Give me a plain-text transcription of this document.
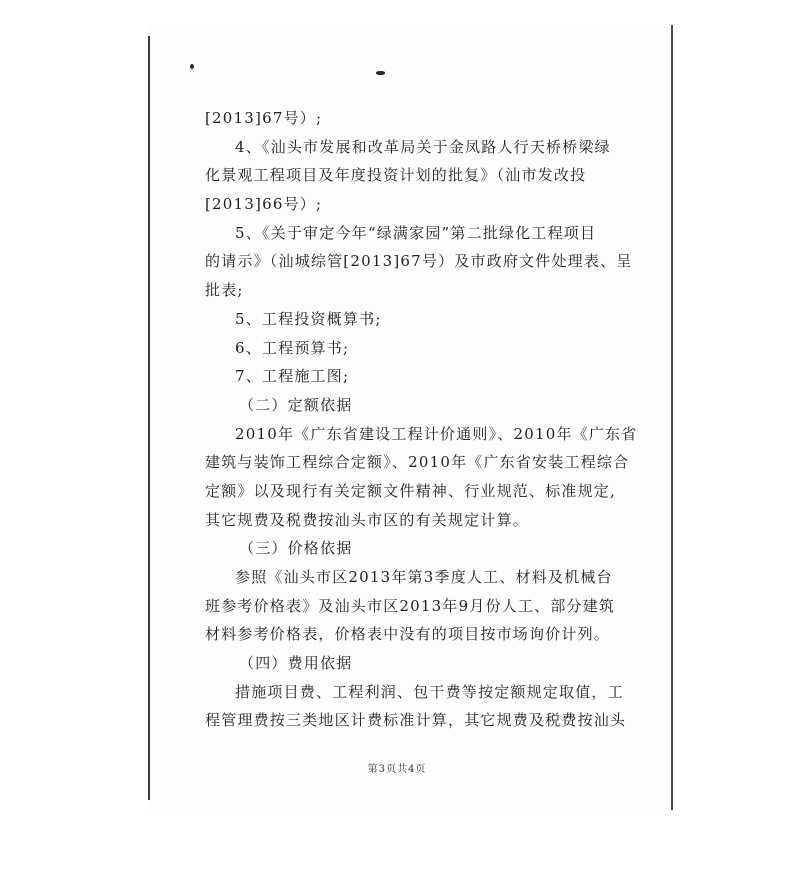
[2013]67号）;
4、《汕头市发展和改革局关于金凤路人行天桥桥梁绿
化景观工程项目及年度投资计划的批复》（汕市发改投
[2013]66号）;
5、《关于审定今年“绿满家园”第二批绿化工程项目
的请示》（汕城综管[2013]67号）及市政府文件处理表、呈
批表;
5、工程投资概算书;
6、工程预算书;
7、工程施工图;
（二）定额依据
2010年《广东省建设工程计价通则》、2010年《广东省
建筑与装饰工程综合定额》、2010年《广东省安装工程综合
定额》以及现行有关定额文件精神、行业规范、标准规定,
其它规费及税费按汕头市区的有关规定计算。
（三）价格依据
参照《汕头市区2013年第3季度人工、材料及机械台
班参考价格表》及汕头市区2013年9月份人工、部分建筑
材料参考价格表，价格表中没有的项目按市场询价计列。
（四）费用依据
措施项目费、工程利润、包干费等按定额规定取值，工
程管理费按三类地区计费标准计算，其它规费及税费按汕头
第3页共4页
